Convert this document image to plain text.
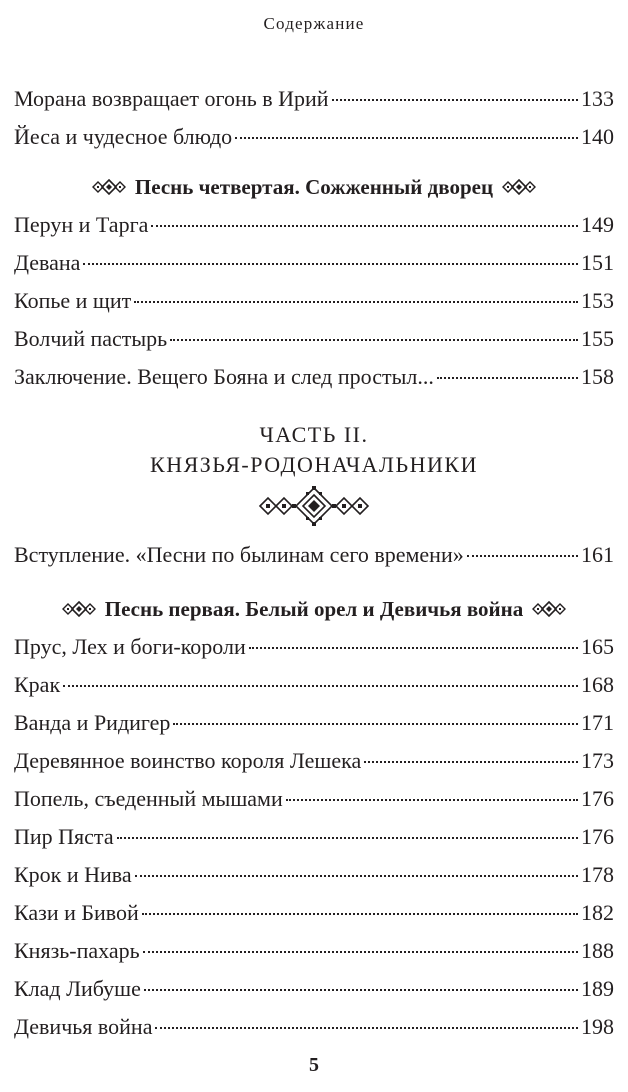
Содержание
Морана возвращает огонь в Ирий	133
Йеса и чудесное блюдо	140
Песнь четвертая. Сожженный дворец
Перун и Тарга	149
Девана	151
Копье и щит	153
Волчий пастырь	155
Заключение. Вещего Бояна и след простыл...	158
ЧАСТЬ II.
КНЯЗЬЯ-РОДОНАЧАЛЬНИКИ
Вступление. «Песни по былинам сего времени»	161
Песнь первая. Белый орел и Девичья война
Прус, Лех и боги-короли	165
Крак	168
Ванда и Ридигер	171
Деревянное воинство короля Лешека	173
Попель, съеденный мышами	176
Пир Пяста	176
Крок и Нива	178
Кази и Бивой	182
Князь-пахарь	188
Клад Либуше	189
Девичья война	198
5
